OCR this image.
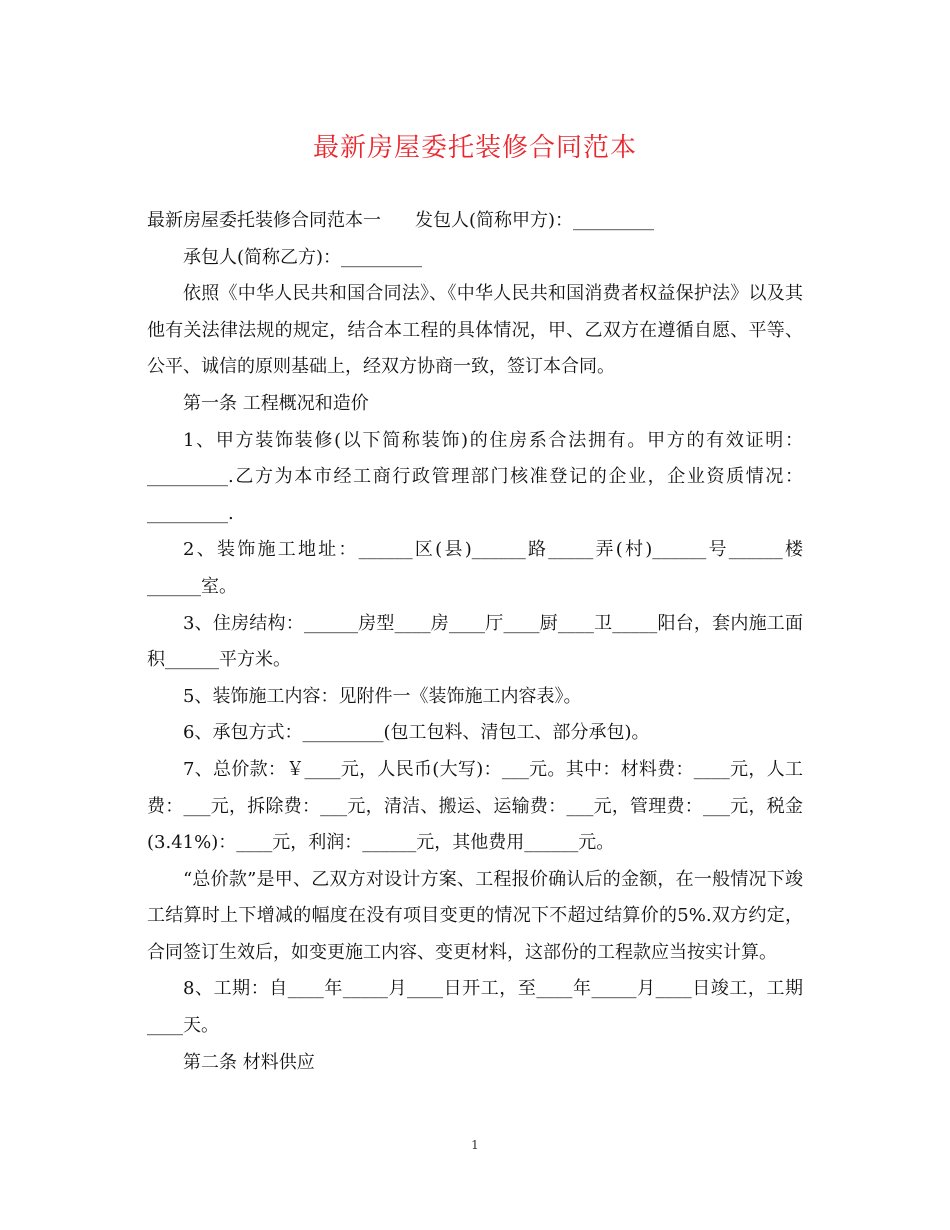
最新房屋委托装修合同范本

最新房屋委托装修合同范本一 发包人(简称甲方)：_________

承包人(简称乙方)：_________

依照《中华人民共和国合同法》、《中华人民共和国消费者权益保护法》以及其他有关法律法规的规定，结合本工程的具体情况，甲、乙双方在遵循自愿、平等、公平、诚信的原则基础上，经双方协商一致，签订本合同。

第一条 工程概况和造价

1、甲方装饰装修(以下简称装饰)的住房系合法拥有。甲方的有效证明：_________.乙方为本市经工商行政管理部门核准登记的企业，企业资质情况：_________.

2、装饰施工地址：______区(县)______路_____弄(村)______号______楼______室。

3、住房结构：______房型____房____厅____厨____卫_____阳台，套内施工面积______平方米。

5、装饰施工内容：见附件一《装饰施工内容表》。

6、承包方式：_________(包工包料、清包工、部分承包)。

7、总价款：￥____元，人民币(大写)：___元。其中：材料费：____元，人工费：___元，拆除费：___元，清洁、搬运、运输费：___元，管理费：___元，税金(3.41%)：____元，利润：______元，其他费用______元。

“总价款”是甲、乙双方对设计方案、工程报价确认后的金额，在一般情况下竣工结算时上下增减的幅度在没有项目变更的情况下不超过结算价的5%.双方约定，合同签订生效后，如变更施工内容、变更材料，这部份的工程款应当按实计算。

8、工期：自____年_____月____日开工，至____年_____月____日竣工，工期____天。

第二条 材料供应

1
